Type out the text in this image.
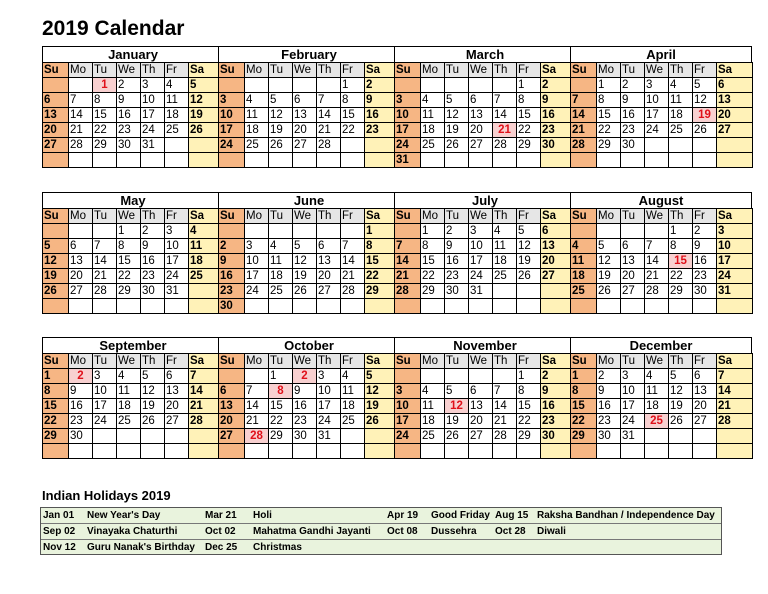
2019 Calendar
January
Su	Mo	Tu	We	Th	Fr	Sa
		1	2	3	4	5
6	7	8	9	10	11	12
13	14	15	16	17	18	19
20	21	22	23	24	25	26
27	28	29	30	31		

February
Su	Mo	Tu	We	Th	Fr	Sa
					1	2
3	4	5	6	7	8	9
10	11	12	13	14	15	16
17	18	19	20	21	22	23
24	25	26	27	28		

March
Su	Mo	Tu	We	Th	Fr	Sa
					1	2
3	4	5	6	7	8	9
10	11	12	13	14	15	16
17	18	19	20	21	22	23
24	25	26	27	28	29	30
31						
April
Su	Mo	Tu	We	Th	Fr	Sa
	1	2	3	4	5	6
7	8	9	10	11	12	13
14	15	16	17	18	19	20
21	22	23	24	25	26	27
28	29	30				

May
Su	Mo	Tu	We	Th	Fr	Sa
			1	2	3	4
5	6	7	8	9	10	11
12	13	14	15	16	17	18
19	20	21	22	23	24	25
26	27	28	29	30	31	

June
Su	Mo	Tu	We	Th	Fr	Sa
						1
2	3	4	5	6	7	8
9	10	11	12	13	14	15
16	17	18	19	20	21	22
23	24	25	26	27	28	29
30						
July
Su	Mo	Tu	We	Th	Fr	Sa
	1	2	3	4	5	6
7	8	9	10	11	12	13
14	15	16	17	18	19	20
21	22	23	24	25	26	27
28	29	30	31			

August
Su	Mo	Tu	We	Th	Fr	Sa
				1	2	3
4	5	6	7	8	9	10
11	12	13	14	15	16	17
18	19	20	21	22	23	24
25	26	27	28	29	30	31

September
Su	Mo	Tu	We	Th	Fr	Sa
1	2	3	4	5	6	7
8	9	10	11	12	13	14
15	16	17	18	19	20	21
22	23	24	25	26	27	28
29	30					

October
Su	Mo	Tu	We	Th	Fr	Sa
		1	2	3	4	5
6	7	8	9	10	11	12
13	14	15	16	17	18	19
20	21	22	23	24	25	26
27	28	29	30	31		

November
Su	Mo	Tu	We	Th	Fr	Sa
					1	2
3	4	5	6	7	8	9
10	11	12	13	14	15	16
17	18	19	20	21	22	23
24	25	26	27	28	29	30

December
Su	Mo	Tu	We	Th	Fr	Sa
1	2	3	4	5	6	7
8	9	10	11	12	13	14
15	16	17	18	19	20	21
22	23	24	25	26	27	28
29	30	31				

Indian Holidays 2019
Jan 01 New Year's Day	Mar 21 Holi	Apr 19 Good Friday Aug 15 Raksha Bandhan / Independence Day
Sep 02 Vinayaka Chaturthi	Oct 02 Mahatma Gandhi Jayanti Oct 08 Dussehra Oct 28 Diwali
Nov 12 Guru Nanak's Birthday Dec 25 Christmas
